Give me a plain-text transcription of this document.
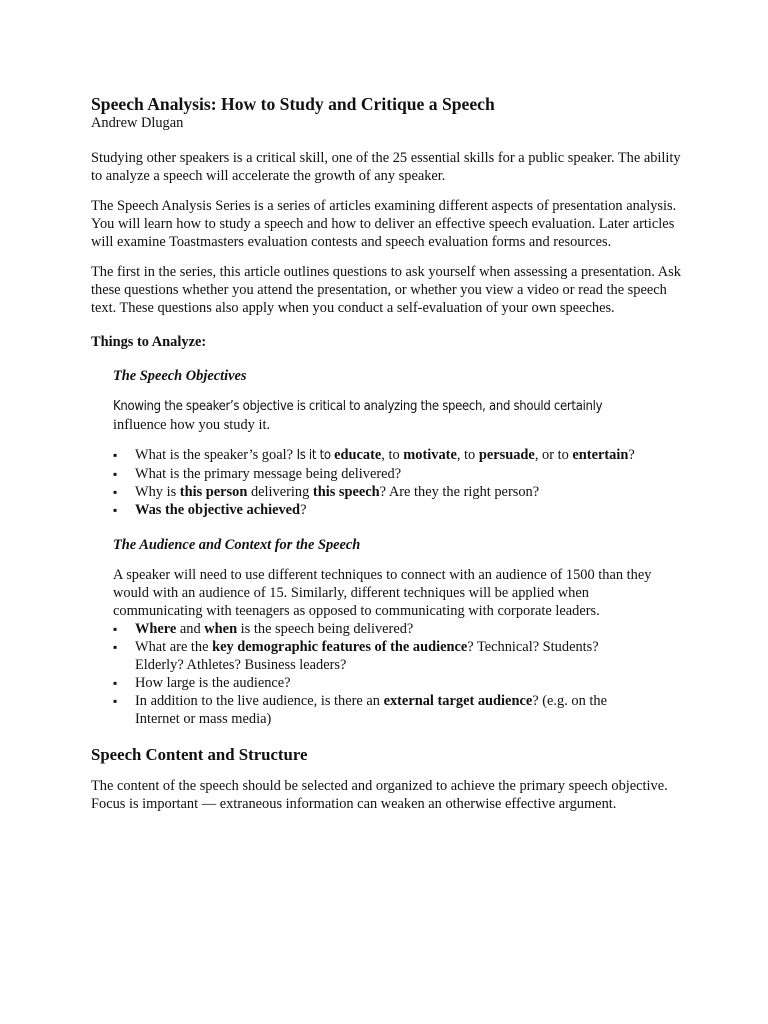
Speech Analysis: How to Study and Critique a Speech
Andrew Dlugan

Studying other speakers is a critical skill, one of the 25 essential skills for a public speaker. The ability to analyze a speech will accelerate the growth of any speaker.

The Speech Analysis Series is a series of articles examining different aspects of presentation analysis. You will learn how to study a speech and how to deliver an effective speech evaluation. Later articles will examine Toastmasters evaluation contests and speech evaluation forms and resources.

The first in the series, this article outlines questions to ask yourself when assessing a presentation. Ask these questions whether you attend the presentation, or whether you view a video or read the speech text. These questions also apply when you conduct a self-evaluation of your own speeches.

Things to Analyze:
The Speech Objectives

Knowing the speaker’s objective is critical to analyzing the speech, and should certainly
influence how you study it.

▪ What is the speaker’s goal? Is it to educate, to motivate, to persuade, or to entertain?
▪ What is the primary message being delivered?
▪ Why is this person delivering this speech? Are they the right person?
▪ Was the objective achieved?
The Audience and Context for the Speech

A speaker will need to use different techniques to connect with an audience of 1500 than they would with an audience of 15. Similarly, different techniques will be applied when communicating with teenagers as opposed to communicating with corporate leaders.

▪ Where and when is the speech being delivered?
▪ What are the key demographic features of the audience? Technical? Students? Elderly? Athletes? Business leaders?
▪ How large is the audience?
▪ In addition to the live audience, is there an external target audience? (e.g. on the Internet or mass media)
Speech Content and Structure

The content of the speech should be selected and organized to achieve the primary speech objective. Focus is important — extraneous information can weaken an otherwise effective argument.
